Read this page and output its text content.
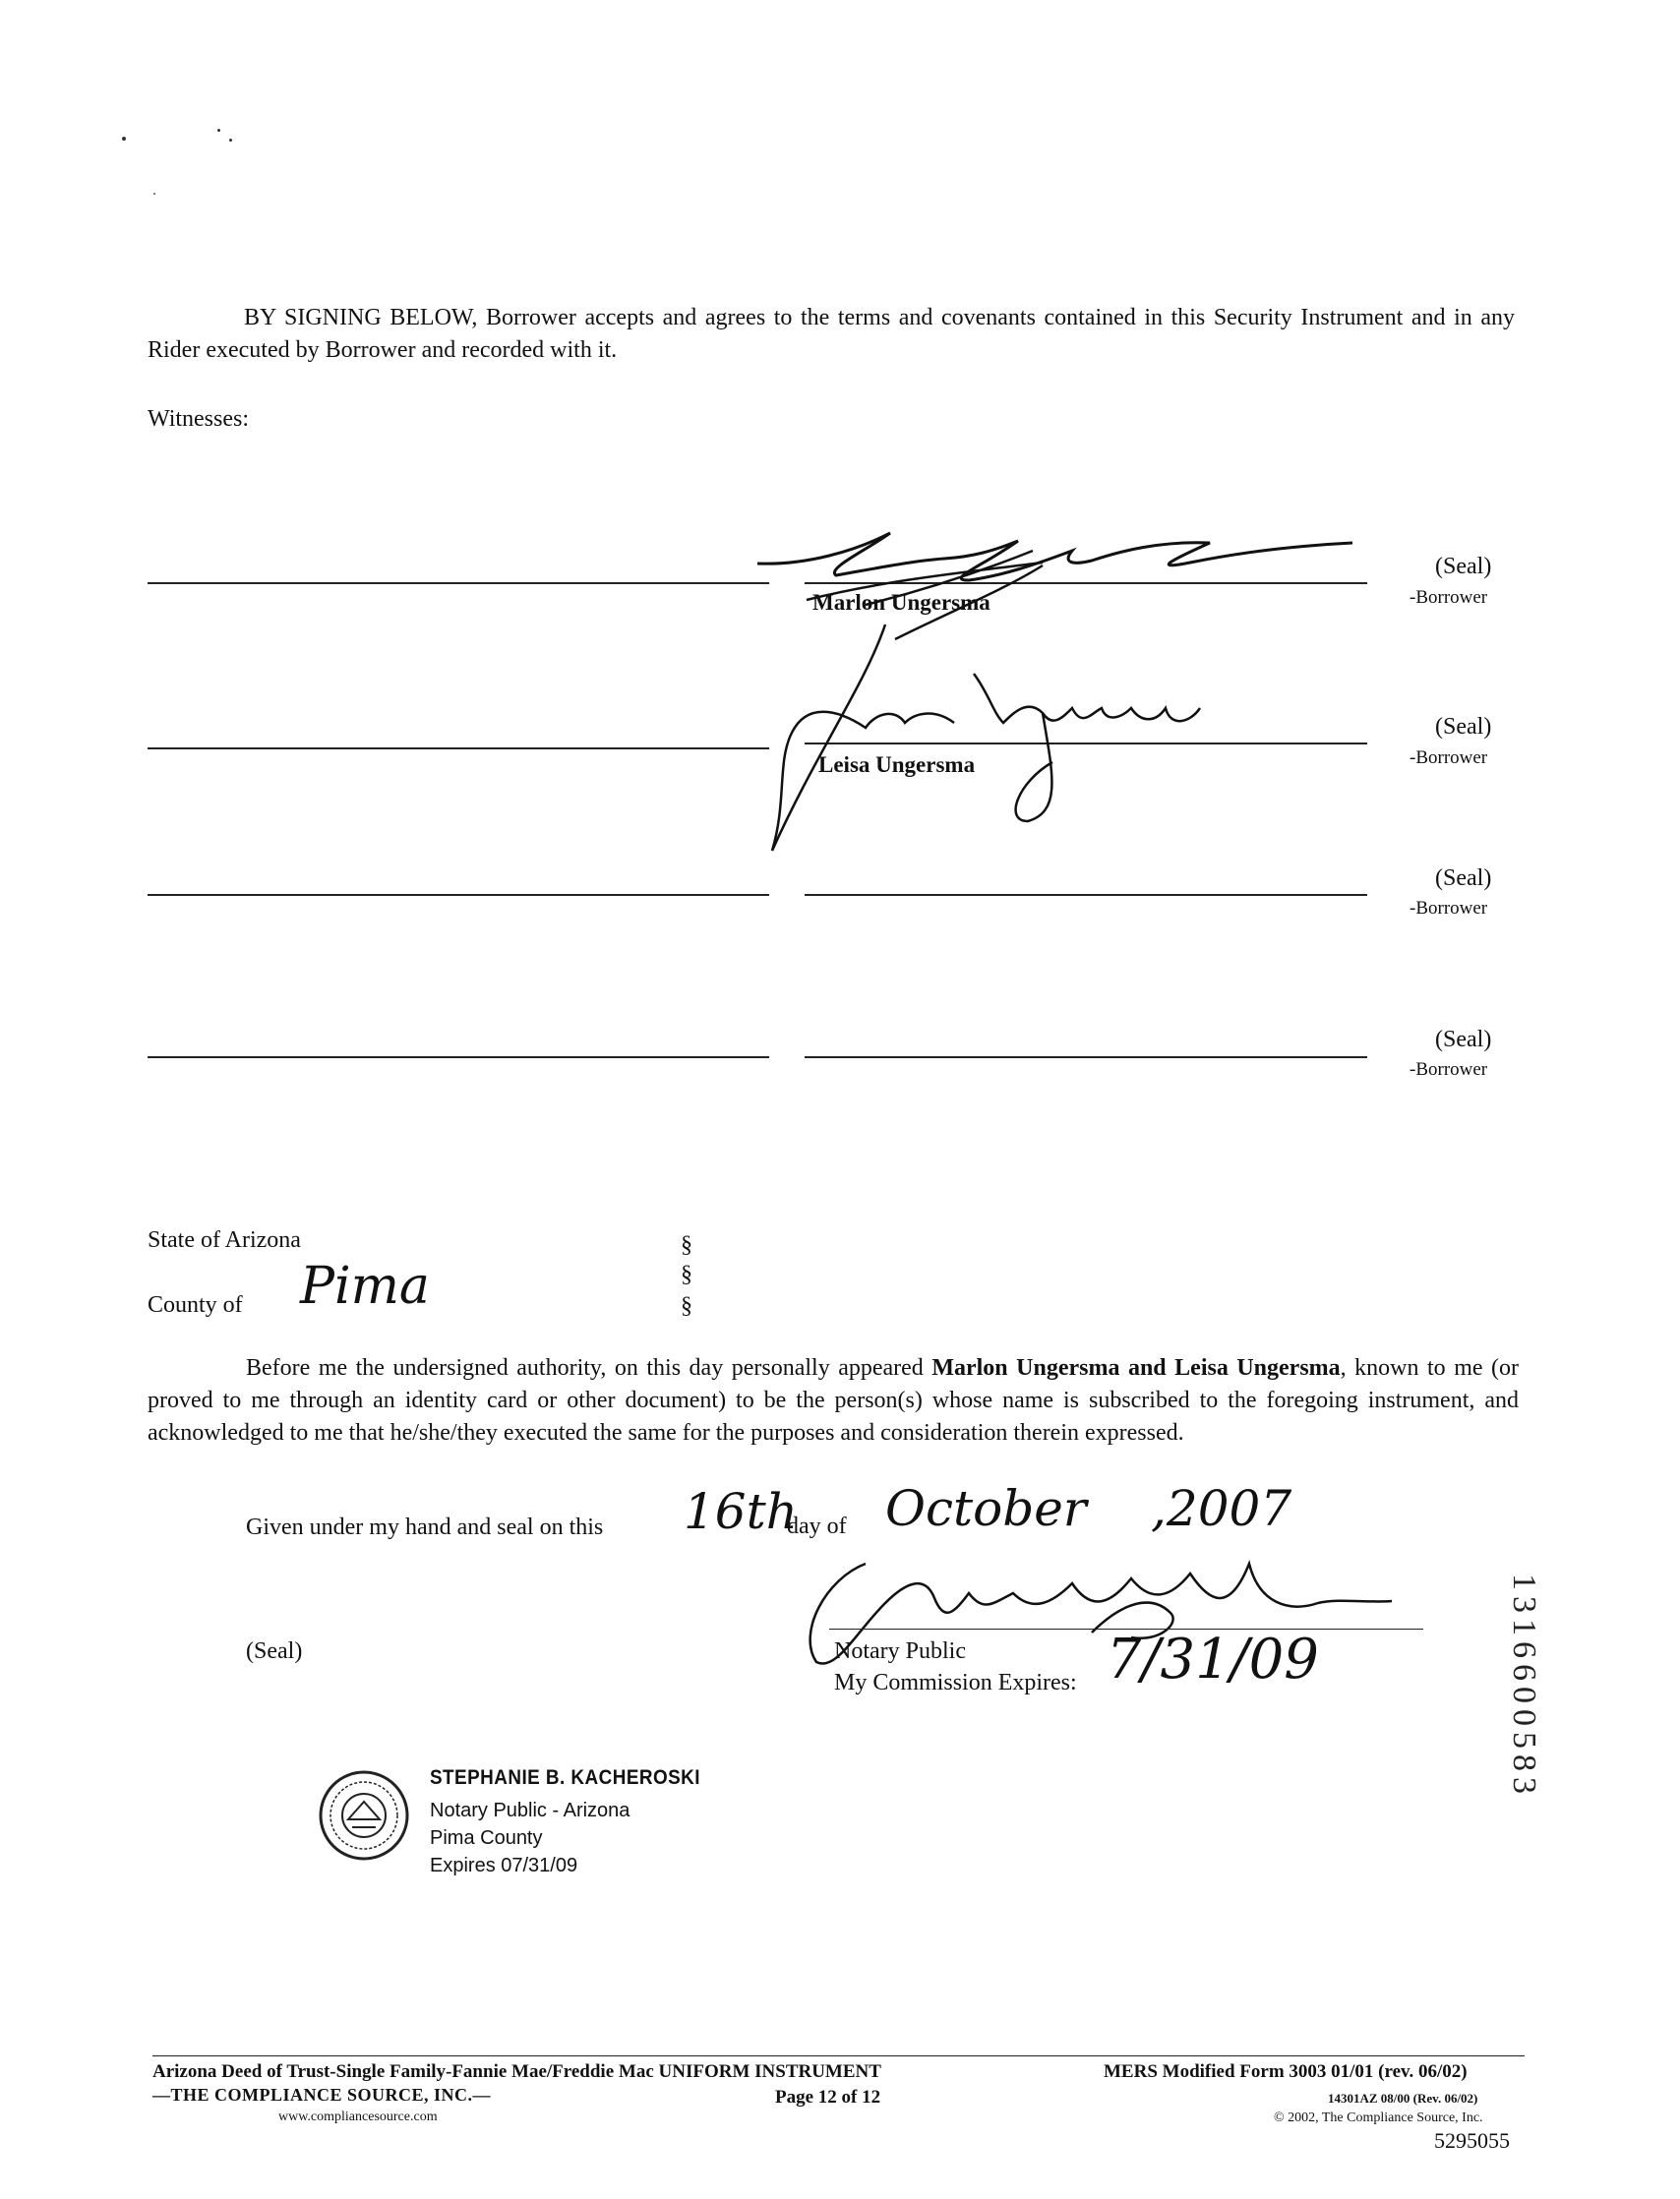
BY SIGNING BELOW, Borrower accepts and agrees to the terms and covenants contained in this Security Instrument and in any Rider executed by Borrower and recorded with it.
Witnesses:
Marlon Ungersma
(Seal)
-Borrower
Leisa Ungersma
(Seal)
-Borrower
(Seal)
-Borrower
(Seal)
-Borrower
State of Arizona
County of Pima
§
§
§
Before me the undersigned authority, on this day personally appeared Marlon Ungersma and Leisa Ungersma, known to me (or proved to me through an identity card or other document) to be the person(s) whose name is subscribed to the foregoing instrument, and acknowledged to me that he/she/they executed the same for the purposes and consideration therein expressed.
Given under my hand and seal on this 16th
day of October ,2007
(Seal)	Notary Public
My Commission Expires: 7/31/09
STEPHANIE B. KACHEROSKI
Notary Public - Arizona
Pima County
Expires 07/31/09
1316600583
Arizona Deed of Trust-Single Family-Fannie Mae/Freddie Mac UNIFORM INSTRUMENT
—THE COMPLIANCE SOURCE, INC.—
www.compliancesource.com
Page 12 of 12
MERS Modified Form 3003 01/01 (rev. 06/02)
14301AZ 08/00 (Rev. 06/02)
© 2002, The Compliance Source, Inc.
5295055
